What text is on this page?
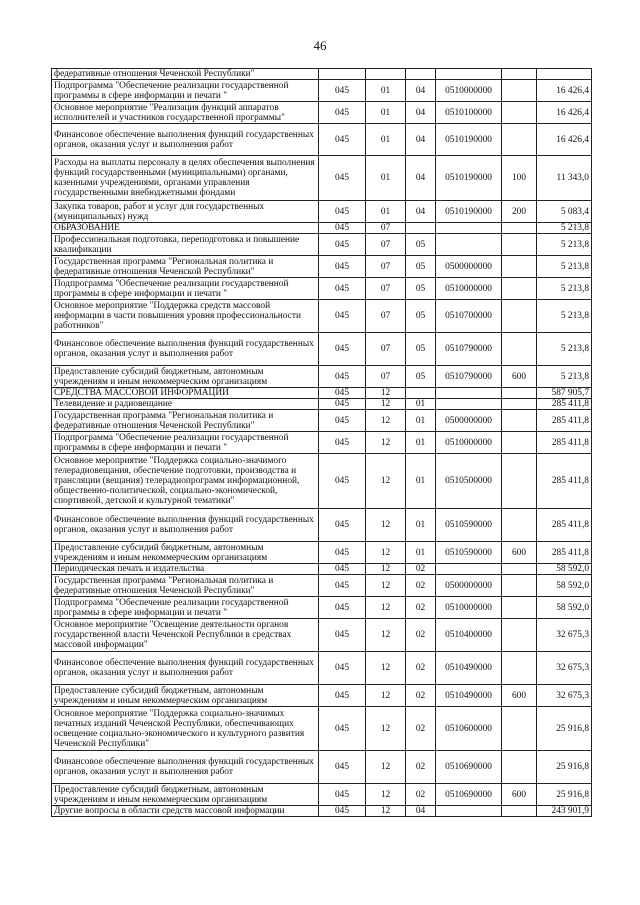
46
федеративные отношения Чеченской Республики"						
Подпрограмма "Обеспечение реализации государственной программы в сфере информации и печати "	045	01	04	0510000000		16 426,4
Основное мероприятие "Реализация функций аппаратов исполнителей и участников государственной программы"	045	01	04	0510100000		16 426,4
Финансовое обеспечение выполнения функций государственных органов, оказания услуг и выполнения работ	045	01	04	0510190000		16 426,4
Расходы на выплаты персоналу в целях обеспечения выполнения функций государственными (муниципальными) органами, казенными учреждениями, органами управления государственными внебюджетными фондами	045	01	04	0510190000	100	11 343,0
Закупка товаров, работ и услуг для государственных (муниципальных) нужд	045	01	04	0510190000	200	5 083,4
ОБРАЗОВАНИЕ	045	07				5 213,8
Профессиональная подготовка, переподготовка и повышение квалификации	045	07	05			5 213,8
Государственная программа "Региональная политика и федеративные отношения Чеченской Республики"	045	07	05	0500000000		5 213,8
Подпрограмма "Обеспечение реализации государственной программы в сфере информации и печати "	045	07	05	0510000000		5 213,8
Основное мероприятие "Поддержка средств массовой информации в части повышения уровня профессиональности работников"	045	07	05	0510700000		5 213,8
Финансовое обеспечение выполнения функций государственных органов, оказания услуг и выполнения работ	045	07	05	0510790000		5 213,8
Предоставление субсидий бюджетным, автономным учреждениям и иным некоммерческим организациям	045	07	05	0510790000	600	5 213,8
СРЕДСТВА МАССОВОЙ ИНФОРМАЦИИ	045	12				587 905,7
Телевидение и радиовещание	045	12	01			285 411,8
Государственная программа "Региональная политика и федеративные отношения Чеченской Республики"	045	12	01	0500000000		285 411,8
Подпрограмма "Обеспечение реализации государственной программы в сфере информации и печати "	045	12	01	0510000000		285 411,8
Основное мероприятие "Поддержка социально-значимого телерадиовещания, обеспечение подготовки, производства и трансляции (вещания) телерадиопрограмм информационной, общественно-политической, социально-экономической, спортивной, детской и культурной тематики"	045	12	01	0510500000		285 411,8
Финансовое обеспечение выполнения функций государственных органов, оказания услуг и выполнения работ	045	12	01	0510590000		285 411,8
Предоставление субсидий бюджетным, автономным учреждениям и иным некоммерческим организациям	045	12	01	0510590000	600	285 411,8
Периодическая печать и издательства	045	12	02			58 592,0
Государственная программа "Региональная политика и федеративные отношения Чеченской Республики"	045	12	02	0500000000		58 592,0
Подпрограмма "Обеспечение реализации государственной программы в сфере информации и печати "	045	12	02	0510000000		58 592,0
Основное мероприятие "Освещение деятельности органов государственной власти Чеченской Республики в средствах массовой информации"	045	12	02	0510400000		32 675,3
Финансовое обеспечение выполнения функций государственных органов, оказания услуг и выполнения работ	045	12	02	0510490000		32 675,3
Предоставление субсидий бюджетным, автономным учреждениям и иным некоммерческим организациям	045	12	02	0510490000	600	32 675,3
Основное мероприятие "Поддержка социально-значимых печатных изданий Чеченской Республики, обеспечивающих освещение социально-экономического и культурного развития Чеченской Республики"	045	12	02	0510600000		25 916,8
Финансовое обеспечение выполнения функций государственных органов, оказания услуг и выполнения работ	045	12	02	0510690000		25 916,8
Предоставление субсидий бюджетным, автономным учреждениям и иным некоммерческим организациям	045	12	02	0510690000	600	25 916,8
Другие вопросы в области средств массовой информации	045	12	04			243 901,9
